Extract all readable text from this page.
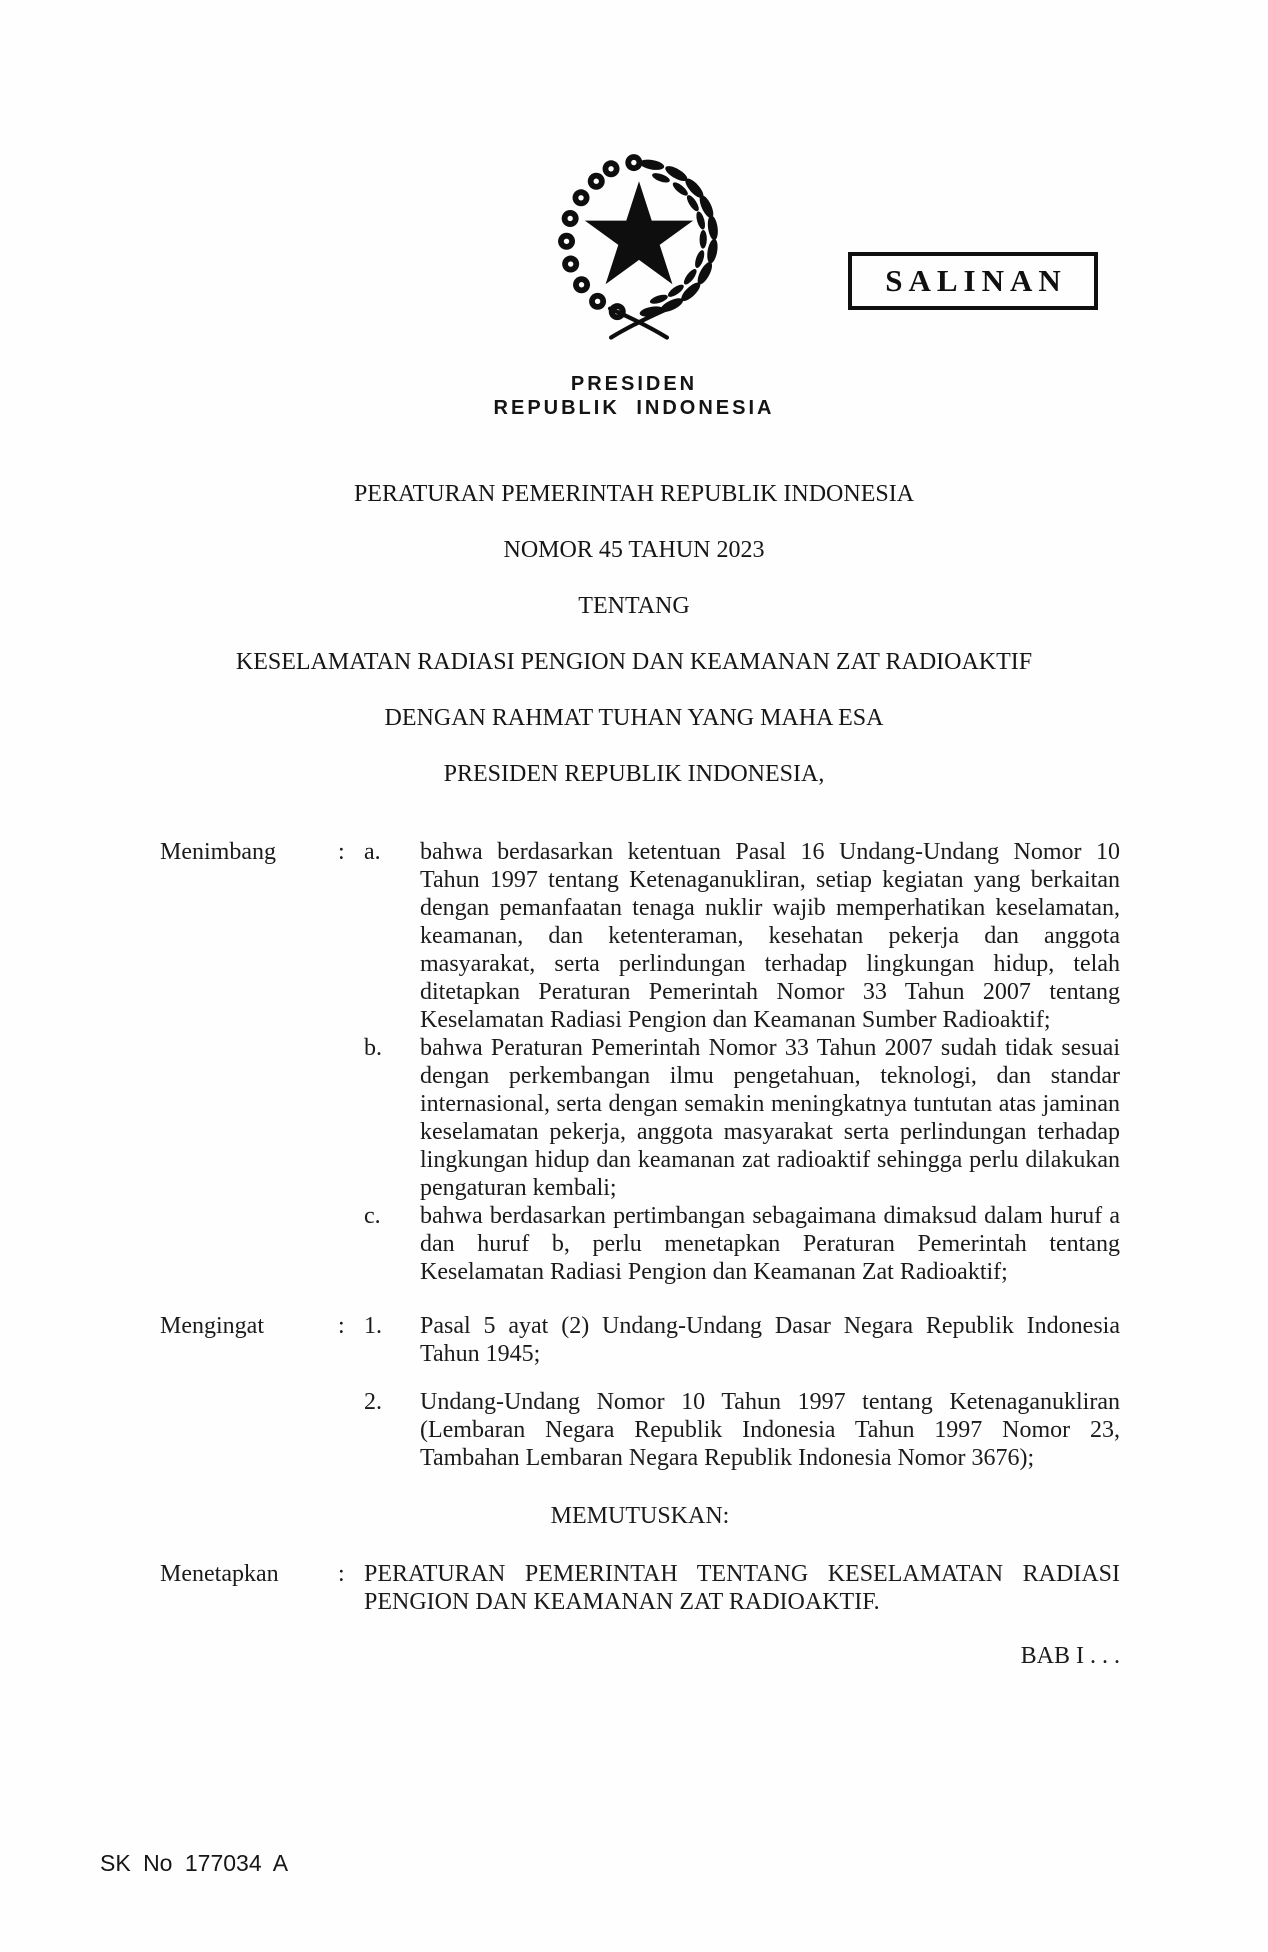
SALINAN
PRESIDEN
REPUBLIK INDONESIA
PERATURAN PEMERINTAH REPUBLIK INDONESIA
NOMOR 45 TAHUN 2023
TENTANG
KESELAMATAN RADIASI PENGION DAN KEAMANAN ZAT RADIOAKTIF
DENGAN RAHMAT TUHAN YANG MAHA ESA
PRESIDEN REPUBLIK INDONESIA,
Menimbang	: a.	bahwa berdasarkan ketentuan Pasal 16 Undang-Undang Nomor 10 Tahun 1997 tentang Ketenaganukliran, setiap kegiatan yang berkaitan dengan pemanfaatan tenaga nuklir wajib memperhatikan keselamatan, keamanan, dan ketenteraman, kesehatan pekerja dan anggota masyarakat, serta perlindungan terhadap lingkungan hidup, telah ditetapkan Peraturan Pemerintah Nomor 33 Tahun 2007 tentang Keselamatan Radiasi Pengion dan Keamanan Sumber Radioaktif;
b.	bahwa Peraturan Pemerintah Nomor 33 Tahun 2007 sudah tidak sesuai dengan perkembangan ilmu pengetahuan, teknologi, dan standar internasional, serta dengan semakin meningkatnya tuntutan atas jaminan keselamatan pekerja, anggota masyarakat serta perlindungan terhadap lingkungan hidup dan keamanan zat radioaktif sehingga perlu dilakukan pengaturan kembali;
c.	bahwa berdasarkan pertimbangan sebagaimana dimaksud dalam huruf a dan huruf b, perlu menetapkan Peraturan Pemerintah tentang Keselamatan Radiasi Pengion dan Keamanan Zat Radioaktif;
Mengingat	: 1.	Pasal 5 ayat (2) Undang-Undang Dasar Negara Republik Indonesia Tahun 1945;
2.	Undang-Undang Nomor 10 Tahun 1997 tentang Ketenaganukliran (Lembaran Negara Republik Indonesia Tahun 1997 Nomor 23, Tambahan Lembaran Negara Republik Indonesia Nomor 3676);
MEMUTUSKAN:
Menetapkan	: PERATURAN PEMERINTAH TENTANG KESELAMATAN RADIASI PENGION DAN KEAMANAN ZAT RADIOAKTIF.
BAB I . . .
SK No 177034 A
